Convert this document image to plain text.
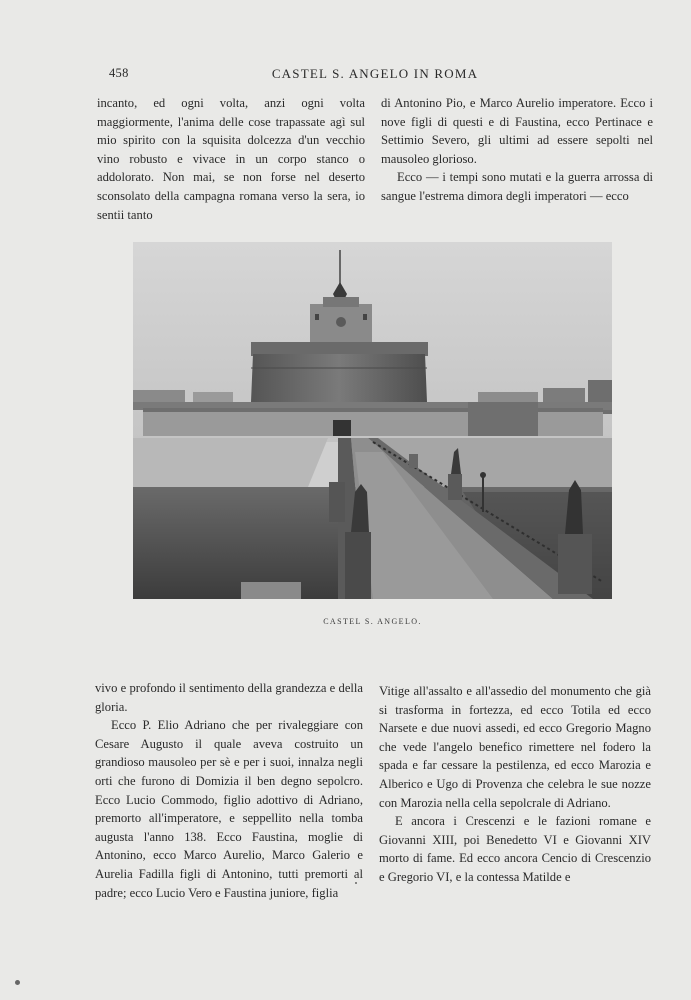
458	CASTEL S. ANGELO IN ROMA

incanto, ed ogni volta, anzi ogni volta maggiormente, l'anima delle cose trapassate agì sul mio spirito con la squisita dolcezza d'un vecchio vino robusto e vivace in un corpo stanco o addolorato. Non mai, se non forse nel deserto sconsolato della campagna romana verso la sera, io sentii tanto

di Antonino Pio, e Marco Aurelio imperatore. Ecco i nove figli di questi e di Faustina, ecco Pertinace e Settimio Severo, gli ultimi ad essere sepolti nel mausoleo glorioso.

Ecco — i tempi sono mutati e la guerra arrossa di sangue l'estrema dimora degli imperatori — ecco

CASTEL S. ANGELO.

vivo e profondo il sentimento della grandezza e della gloria.

Ecco P. Elio Adriano che per rivaleggiare con Cesare Augusto il quale aveva costruito un grandioso mausoleo per sè e per i suoi, innalza negli orti che furono di Domizia il ben degno sepolcro. Ecco Lucio Commodo, figlio adottivo di Adriano, premorto all'imperatore, e seppellito nella tomba augusta l'anno 138. Ecco Faustina, moglie di Antonino, ecco Marco Aurelio, Marco Galerio e Aurelia Fadilla figli di Antonino, tutti premorti al padre; ecco Lucio Vero e Faustina juniore, figlia

Vitige all'assalto e all'assedio del monumento che già si trasforma in fortezza, ed ecco Totila ed ecco Narsete e due nuovi assedi, ed ecco Gregorio Magno che vede l'angelo benefico rimettere nel fodero la spada e far cessare la pestilenza, ed ecco Marozia e Alberico e Ugo di Provenza che celebra le sue nozze con Marozia nella cella sepolcrale di Adriano.

E ancora i Crescenzi e le fazioni romane e Giovanni XIII, poi Benedetto VI e Giovanni XIV morto di fame. Ed ecco ancora Cencio di Crescenzio e Gregorio VI, e la contessa Matilde e
